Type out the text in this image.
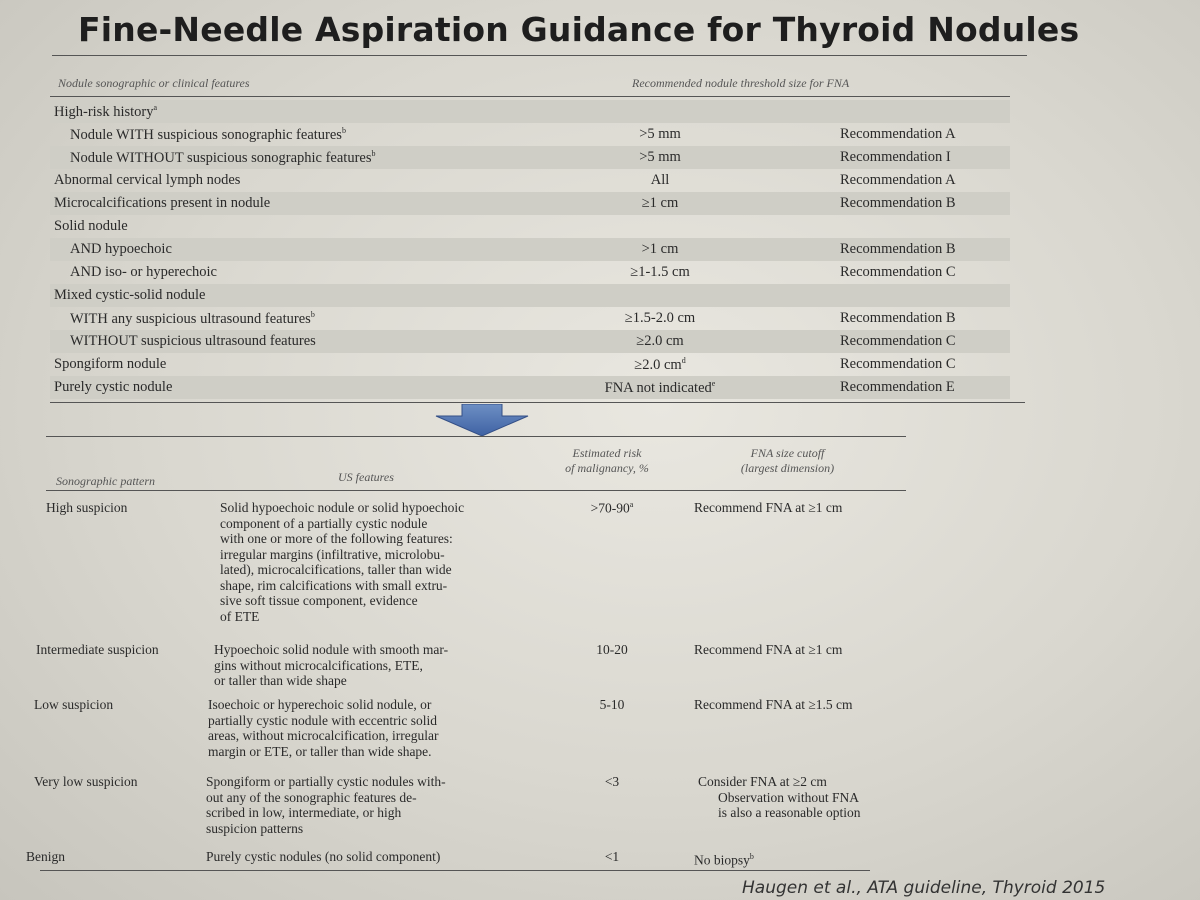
Fine-Needle Aspiration Guidance for Thyroid Nodules
Nodule sonographic or clinical features	Recommended nodule threshold size for FNA
High-risk history$^a$
Nodule WITH suspicious sonographic features$^b$	>5 mm	Recommendation A
Nodule WITHOUT suspicious sonographic features$^b$	>5 mm	Recommendation I
Abnormal cervical lymph nodes	All	Recommendation A
Microcalcifications present in nodule	≥1 cm	Recommendation B
Solid nodule
AND hypoechoic	>1 cm	Recommendation B
AND iso- or hyperechoic	≥1-1.5 cm	Recommendation C
Mixed cystic-solid nodule
WITH any suspicious ultrasound features$^b$	≥1.5-2.0 cm	Recommendation B
WITHOUT suspicious ultrasound features	≥2.0 cm	Recommendation C
Spongiform nodule	≥2.0 $cm^d$	Recommendation C
Purely cystic nodule	FNA not indicated$^e$	Recommendation E
Sonographic pattern	US features
Estimated risk
of malignancy, %
FNA size cutoff
(largest dimension)
High suspicion	Solid hypoechoic nodule or solid hypoechoic
component of a partially cystic nodule
with one or more of the following features:
irregular margins (infiltrative, microlobu-
lated), microcalcifications, taller than wide
shape, rim calcifications with small extru-
sive soft tissue component, evidence
of ETE
$>70-90^a$	Recommend FNA at ≥1 cm
Intermediate suspicion	Hypoechoic solid nodule with smooth mar-
gins without microcalcifications, ETE,
or taller than wide shape
10-20	Recommend FNA at ≥1 cm
Low suspicion	Isoechoic or hyperechoic solid nodule, or
partially cystic nodule with eccentric solid
areas, without microcalcification, irregular
margin or ETE, or taller than wide shape.
5-10	Recommend FNA at ≥1.5 cm
Very low suspicion	Spongiform or partially cystic nodules with-
out any of the sonographic features de-
scribed in low, intermediate, or high
suspicion patterns
<3	Consider FNA at ≥2 cm
Observation without FNA
is also a reasonable option
Benign	Purely cystic nodules (no solid component)	<1	No biopsy$^b$
Haugen et al., ATA guideline, Thyroid 2015
